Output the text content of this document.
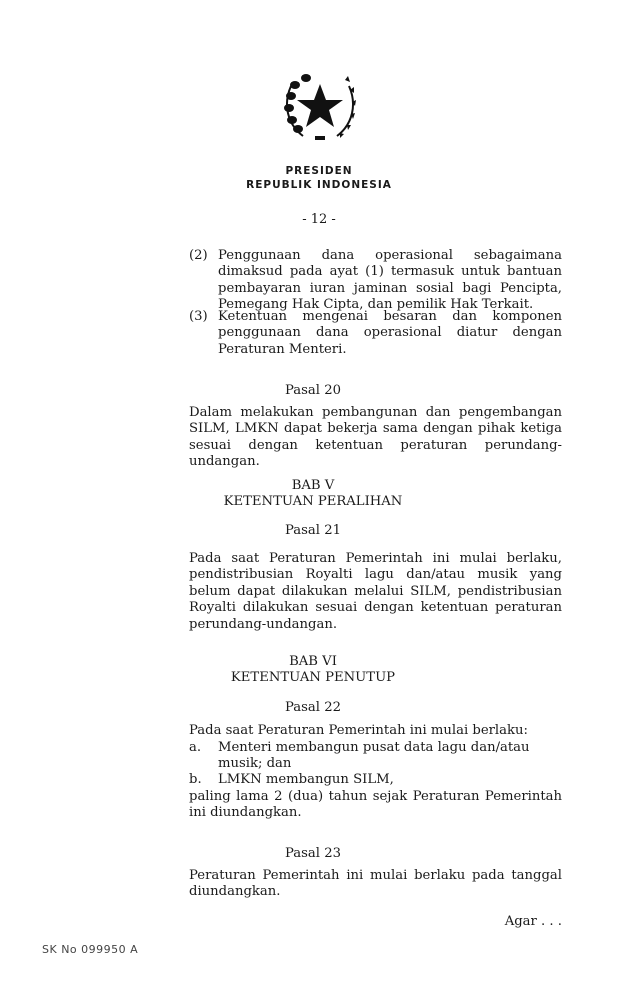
PRESIDEN
REPUBLIK INDONESIA
- 12 -
(2) Penggunaan dana operasional sebagaimana dimaksud pada ayat (1) termasuk untuk bantuan pembayaran iuran jaminan sosial bagi Pencipta, Pemegang Hak Cipta, dan pemilik Hak Terkait.
(3) Ketentuan mengenai besaran dan komponen penggunaan dana operasional diatur dengan Peraturan Menteri.
Pasal 20
Dalam melakukan pembangunan dan pengembangan SILM, LMKN dapat bekerja sama dengan pihak ketiga sesuai dengan ketentuan peraturan perundang-undangan.
BAB V
KETENTUAN PERALIHAN
Pasal 21
Pada saat Peraturan Pemerintah ini mulai berlaku, pendistribusian Royalti lagu dan/atau musik yang belum dapat dilakukan melalui SILM, pendistribusian Royalti dilakukan sesuai dengan ketentuan peraturan perundang-undangan.
BAB VI
KETENTUAN PENUTUP
Pasal 22
Pada saat Peraturan Pemerintah ini mulai berlaku:
a. Menteri membangun pusat data lagu dan/atau musik; dan
b. LMKN membangun SILM,
paling lama 2 (dua) tahun sejak Peraturan Pemerintah ini diundangkan.
Pasal 23
Peraturan Pemerintah ini mulai berlaku pada tanggal diundangkan.
Agar . . .
SK No 099950 A
